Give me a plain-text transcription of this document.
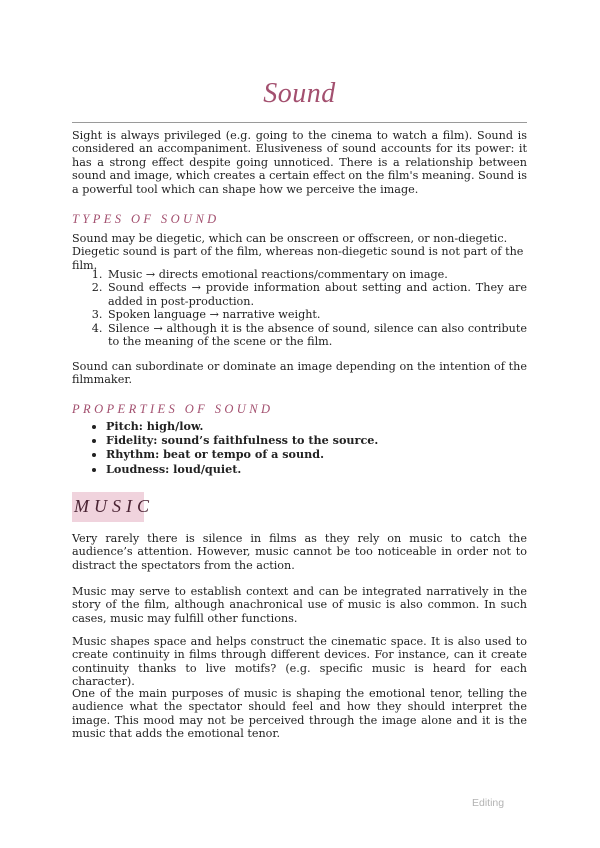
Sound

Sight is always privileged (e.g. going to the cinema to watch a film). Sound is considered an accompaniment. Elusiveness of sound accounts for its power: it has a strong effect despite going unnoticed. There is a relationship between sound and image, which creates a certain effect on the film's meaning. Sound is a powerful tool which can shape how we perceive the image.

TYPES OF SOUND

Sound may be diegetic, which can be onscreen or offscreen, or non-diegetic.

Diegetic sound is part of the film, whereas non-diegetic sound is not part of the film.

1. Music → directs emotional reactions/commentary on image.
2. Sound effects → provide information about setting and action. They are added in post-production.
3. Spoken language → narrative weight.
4. Silence → although it is the absence of sound, silence can also contribute to the meaning of the scene or the film.

Sound can subordinate or dominate an image depending on the intention of the filmmaker.

PROPERTIES OF SOUND

• Pitch: high/low.
• Fidelity: sound’s faithfulness to the source.
• Rhythm: beat or tempo of a sound.
• Loudness: loud/quiet.
MUSIC

Very rarely there is silence in films as they rely on music to catch the audience’s attention. However, music cannot be too noticeable in order not to distract the spectators from the action.

Music may serve to establish context and can be integrated narratively in the story of the film, although anachronical use of music is also common. In such cases, music may fulfill other functions.

Music shapes space and helps construct the cinematic space. It is also used to create continuity in films through different devices. For instance, can it create continuity thanks to live motifs? (e.g. specific music is heard for each character).

One of the main purposes of music is shaping the emotional tenor, telling the audience what the spectator should feel and how they should interpret the image. This mood may not be perceived through the image alone and it is the music that adds the emotional tenor.

Editing
